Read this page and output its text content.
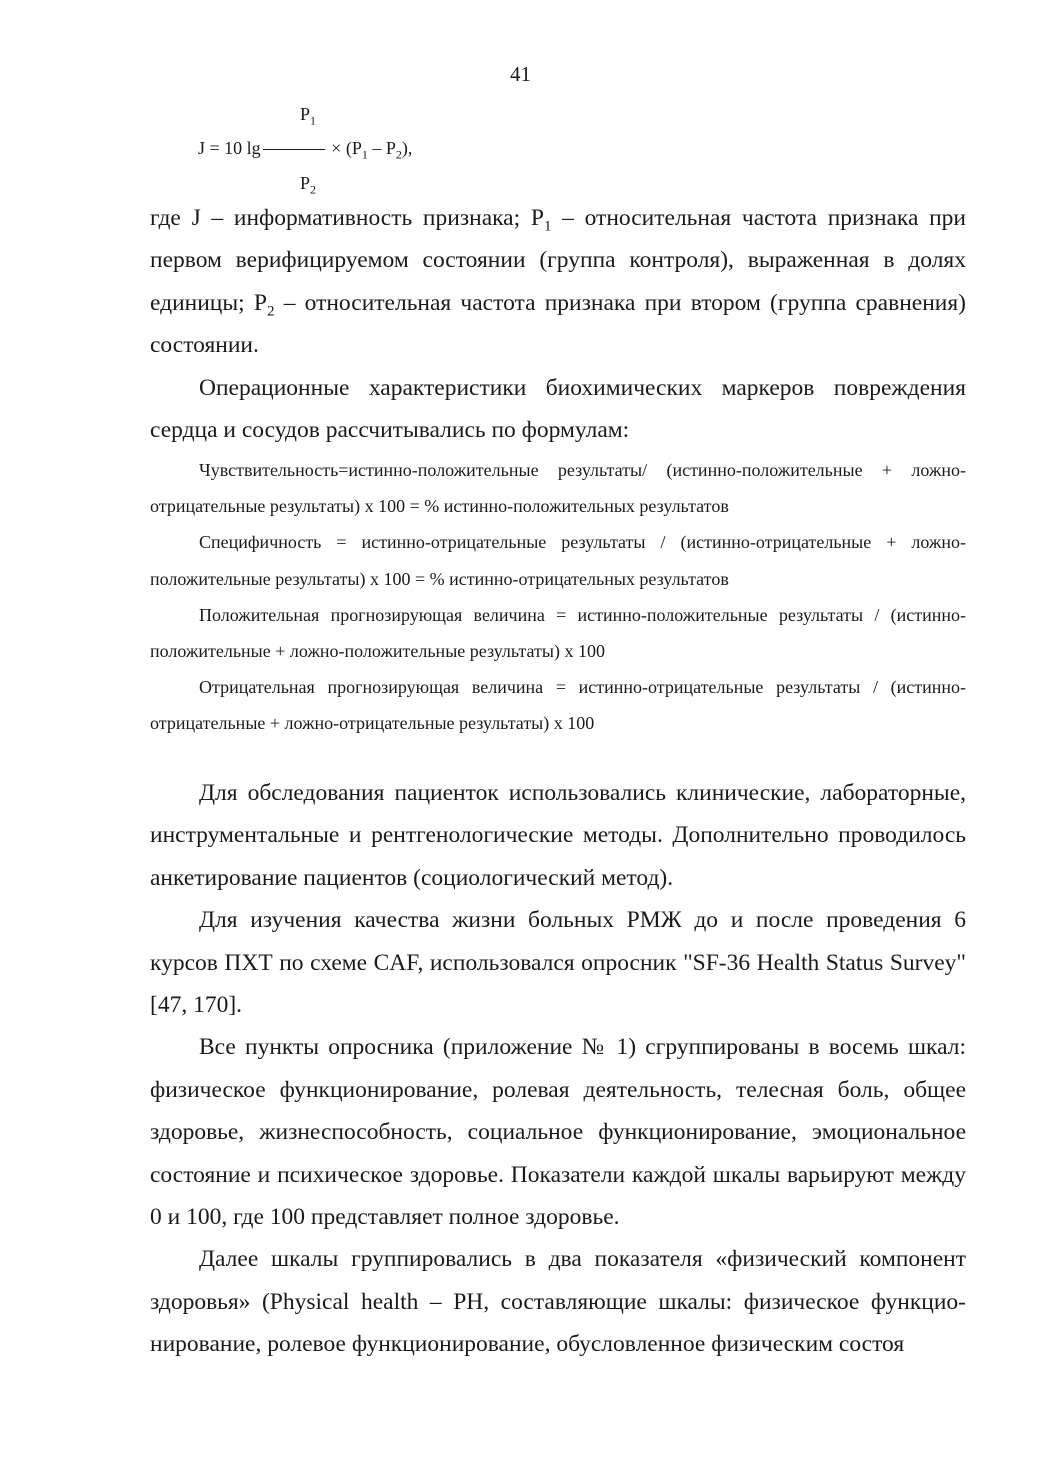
41
$P_1$
J = 10 lg	× $(P_1 - P_2)$,
$P_2$

где J – информативность признака; $P_1$ – относительная частота признака при первом верифицируемом состоянии (группа контроля), выраженная в долях единицы; $P_2$ – относительная частота признака при втором (группа сравнения) состоянии.

Операционные характеристики биохимических маркеров повреждения сердца и сосудов рассчитывались по формулам:

Чувствительность=истинно-положительные результаты/ (истинно-положительные + ложно-отрицательные результаты) х 100 = % истинно-положительных результатов

Специфичность = истинно-отрицательные результаты / (истинно-отрицательные + ложно-положительные результаты) х 100 = % истинно-отрицательных результатов

Положительная прогнозирующая величина = истинно-положительные результаты / (истинно-положительные + ложно-положительные результаты) х 100

Отрицательная прогнозирующая величина = истинно-отрицательные результаты / (истинно-отрицательные + ложно-отрицательные результаты) х 100

Для обследования пациенток использовались клинические, лабораторные, инструментальные и рентгенологические методы. Дополнительно проводилось анкетирование пациентов (социологический метод).

Для изучения качества жизни больных РМЖ до и после проведения 6 курсов ПХТ по схеме CAF, использовался опросник "SF-36 Health Status Survey" [47, 170].

Все пункты опросника (приложение № 1) сгруппированы в восемь шкал: физическое функционирование, ролевая деятельность, телесная боль, общее здоровье, жизнеспособность, социальное функционирование, эмоциональное состояние и психическое здоровье. Показатели каждой шкалы варьируют между 0 и 100, где 100 представляет полное здоровье.

Далее шкалы группировались в два показателя «физический компонент здоровья» (Physical health – PH, составляющие шкалы: физическое функционирование, ролевое функционирование, обусловленное физическим состоя
